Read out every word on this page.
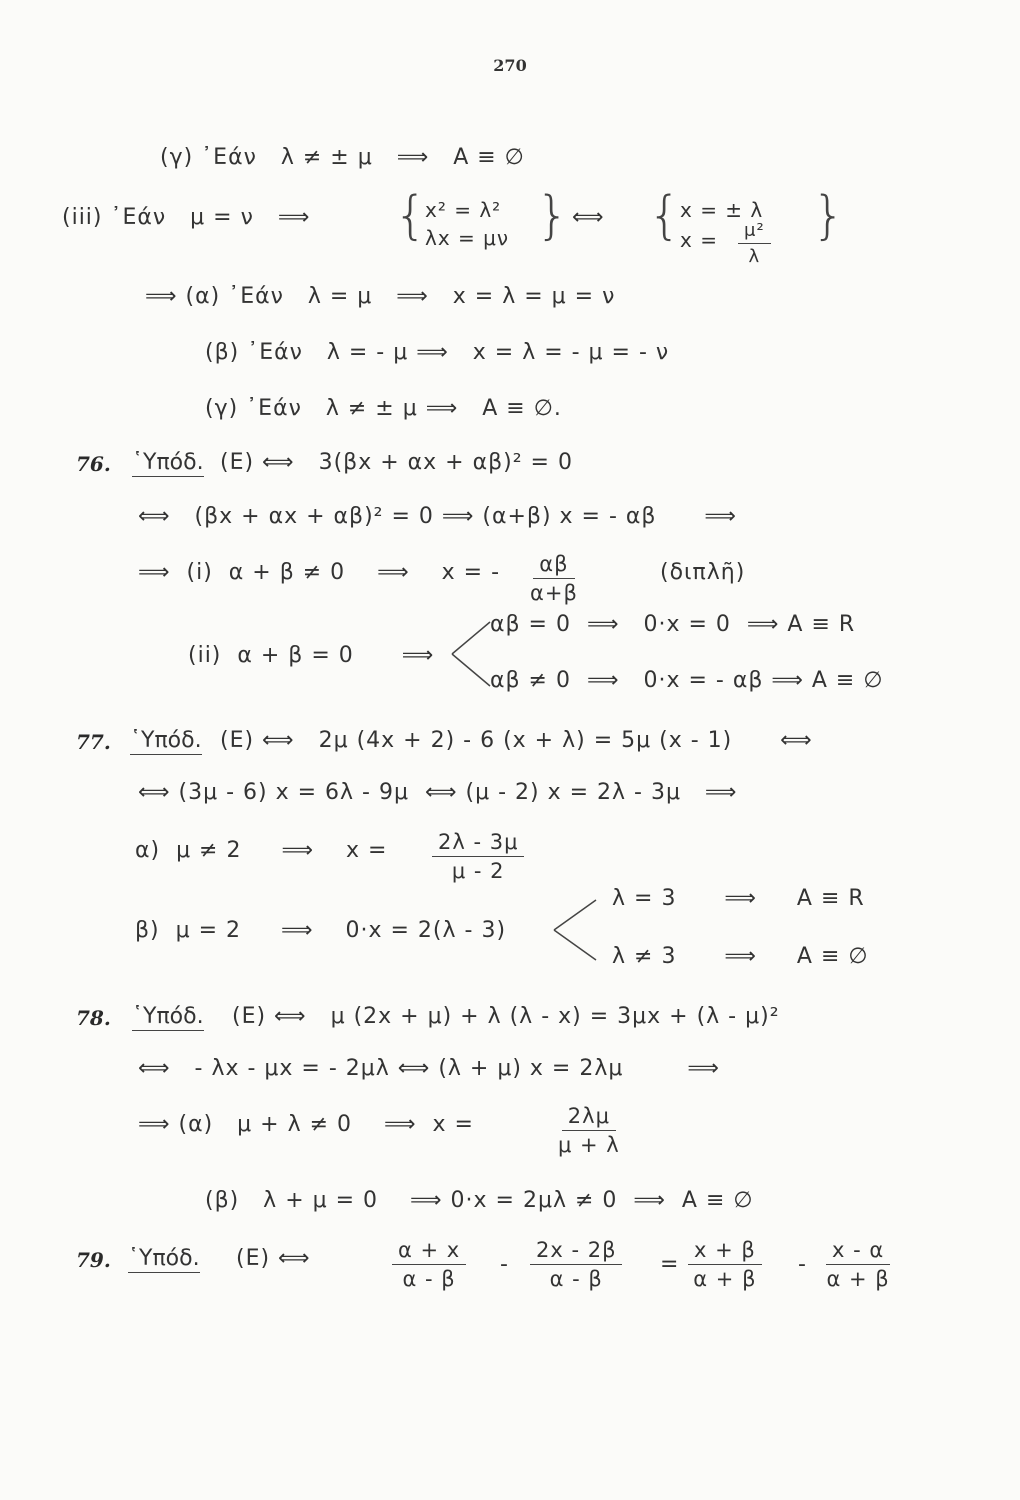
270
(γ) ᾿Εάν   λ ≠ ± μ   ⟹   A ≡ ∅
(iii) ᾿Εάν   μ = ν   ⟹ {
x² = λ²
λx = μν } ⟺ {
x = ± λ
$x = \frac{\text{μ²}}{\lambda}$ }
⟹ (α) ᾿Εάν   λ = μ   ⟹   x = λ = μ = ν
(β) ᾿Εάν   λ = - μ ⟹   x = λ = - μ = - ν
(γ) ᾿Εάν   λ ≠ ± μ ⟹   A ≡ ∅.
76. ῾Υπόδ. (Ε) ⟺   3(βx + αx + αβ)² = 0
⟺   (βx + αx + αβ)² = 0 ⟹ (α+β) x = - αβ      ⟹
⟹  (i)  α + β ≠ 0    ⟹    x = - $\frac{\alpha\beta}{\alpha+\beta}$	(διπλῆ)
(ii)  α + β = 0      ⟹
αβ = 0  ⟹   0·x = 0  ⟹ A ≡ R
αβ ≠ 0  ⟹   0·x = - αβ ⟹ A ≡ ∅
77. ῾Υπόδ. (Ε) ⟺   2μ (4x + 2) - 6 (x + λ) = 5μ (x - 1)      ⟺
⟺ (3μ - 6) x = 6λ - 9μ  ⟺ (μ - 2) x = 2λ - 3μ   ⟹
α)  μ ≠ 2     ⟹    $x = \frac{2\lambda - 3\mu}{\mu - 2}$
β)  μ = 2     ⟹    0·x = 2(λ - 3)
λ = 3      ⟹     A ≡ R
λ ≠ 3      ⟹     A ≡ ∅
78. ῾Υπόδ. (Ε) ⟺   μ (2x + μ) + λ (λ - x) = 3μx + (λ - μ)²
⟺   - λx - μx = - 2μλ ⟺ (λ + μ) x = 2λμ        ⟹
⟹ (α)   μ + λ ≠ 0    ⟹  x =	$\frac{2\lambda\mu}{\mu + \lambda}$
(β)   λ + μ = 0    ⟹ 0·x = 2μλ ≠ 0  ⟹  A ≡ ∅
79. ῾Υπόδ. (Ε) ⟺	$\frac{\alpha + x}{\alpha - \beta} - \frac{2x - 2\beta}{\alpha - \beta} = \frac{x + \beta}{\alpha + \beta} - \frac{x - \alpha}{\alpha + \beta}$
